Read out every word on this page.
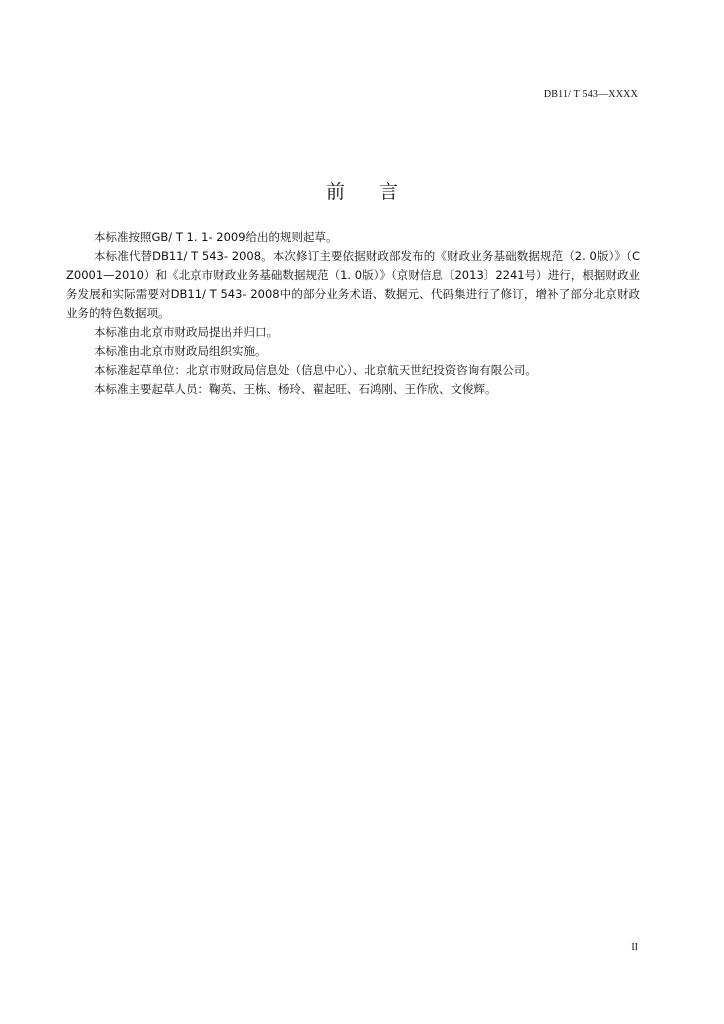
DB11/ T 543—XXXX
前 言

本标准按照GB/ T 1. 1- 2009给出的规则起草。

本标准代替DB11/ T 543- 2008。本次修订主要依据财政部发布的《财政业务基础数据规范（2. 0版）》（CZ0001—2010）和《北京市财政业务基础数据规范（1. 0版）》（京财信息〔2013〕2241号）进行，根据财政业务发展和实际需要对DB11/ T 543- 2008中的部分业务术语、数据元、代码集进行了修订，增补了部分北京财政业务的特色数据项。

本标准由北京市财政局提出并归口。

本标准由北京市财政局组织实施。

本标准起草单位：北京市财政局信息处（信息中心）、北京航天世纪投资咨询有限公司。

本标准主要起草人员：鞠英、王栋、杨玲、翟起旺、石鸿刚、王作欣、文俊辉。

II
